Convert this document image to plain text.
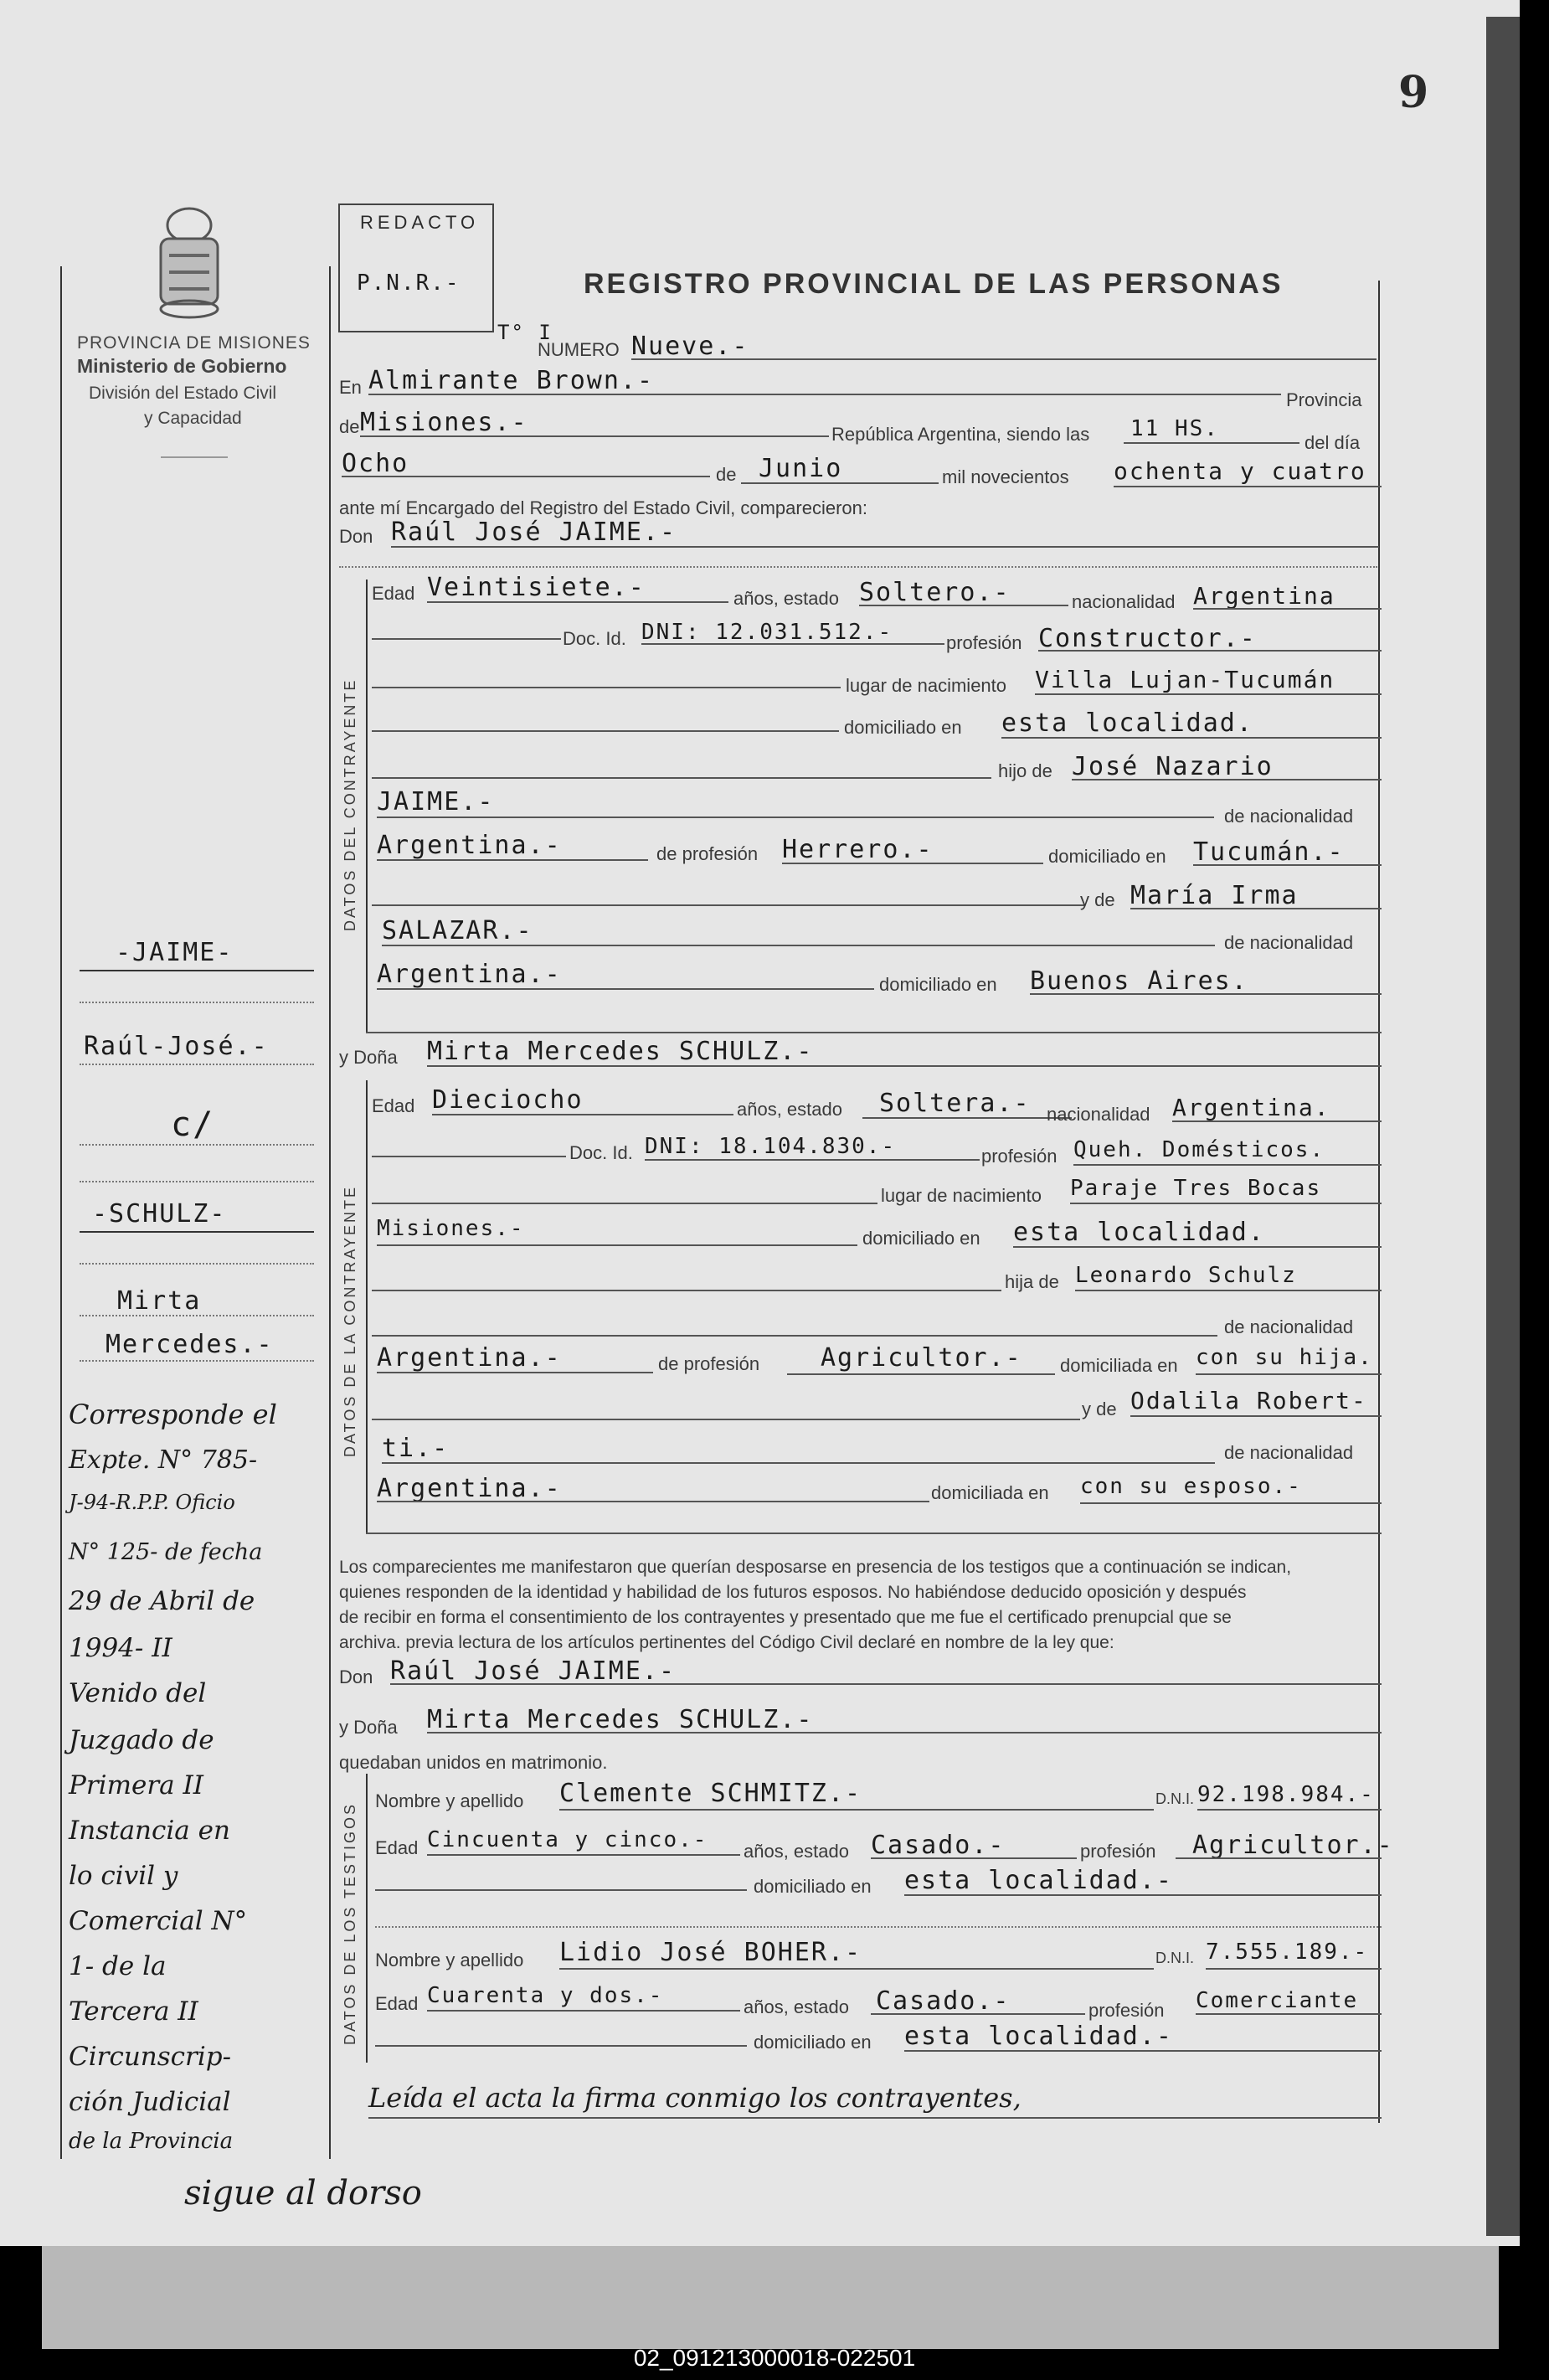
9
PROVINCIA DE MISIONES
Ministerio de Gobierno
División del Estado Civil
y Capacidad
REDACTO
P.N.R.-	REGISTRO PROVINCIAL DE LAS PERSONAS
T° I
NUMERO Nueve.-
En Almirante Brown.-
Provincia
de Misiones.-	República Argentina, siendo las 11 HS.
del día
Ocho	de Junio	mil novecientos ochenta y cuatro
ante mí Encargado del Registro del Estado Civil, comparecieron:
Don Raúl José JAIME.-
DATOS DEL CONTRAYENTE
Edad Veintisiete.-	años, estado Soltero.-	nacionalidad Argentina
Doc. Id. DNI: 12.031.512.-	profesión Constructor.-
lugar de nacimiento Villa Lujan-Tucumán
domiciliado en esta localidad.
hijo de José Nazario
JAIME.-	de nacionalidad
Argentina.-	de profesión Herrero.-	domiciliado en Tucumán.-
y de María Irma
SALAZAR.-	de nacionalidad
Argentina.-	domiciliado en Buenos Aires.
y Doña Mirta Mercedes SCHULZ.-
DATOS DE LA CONTRAYENTE
Edad Dieciocho	años, estado Soltera.- nacionalidad Argentina.
Doc. Id. DNI: 18.104.830.-	profesión Queh. Domésticos.
lugar de nacimiento Paraje Tres Bocas
Misiones.-	domiciliado en esta localidad.
hija de Leonardo Schulz
de nacionalidad
Argentina.-	de profesión Agricultor.- domiciliada en con su hija.
y de Odalila Robert-
ti.-	de nacionalidad
Argentina.-	domiciliada en con su esposo.-
Los comparecientes me manifestaron que querían desposarse en presencia de los testigos que a continuación se indican,
quienes responden de la identidad y habilidad de los futuros esposos. No habiéndose deducido oposición y después
de recibir en forma el consentimiento de los contrayentes y presentado que me fue el certificado prenupcial que se
archiva. previa lectura de los artículos pertinentes del Código Civil declaré en nombre de la ley que:
Don Raúl José JAIME.-
y Doña Mirta Mercedes SCHULZ.-
quedaban unidos en matrimonio.
DATOS DE LOS TESTIGOS
Nombre y apellido Clemente SCHMITZ.-	D.N.I. 92.198.984.-
Edad Cincuenta y cinco.- años, estado Casado.-	profesión Agricultor.-
domiciliado en esta localidad.-
Nombre y apellido Lidio José BOHER.-	D.N.I. 7.555.189.-
Edad Cuarenta y dos.-	años, estado Casado.-	profesión Comerciante
domiciliado en esta localidad.-
Leída el acta la firma conmigo los contrayentes,
-JAIME-
Raúl-José.-
c/
-SCHULZ-
Mirta
Mercedes.-
Corresponde el
Expte. N° 785-
J-94-R.P.P. Oficio
N° 125- de fecha
29 de Abril de
1994- II
Venido del
Juzgado de
Primera II
Instancia en
lo civil y
Comercial N°
1- de la
Tercera II
Circunscrip-
ción Judicial
de la Provincia
sigue al dorso
02_091213000018-022501
